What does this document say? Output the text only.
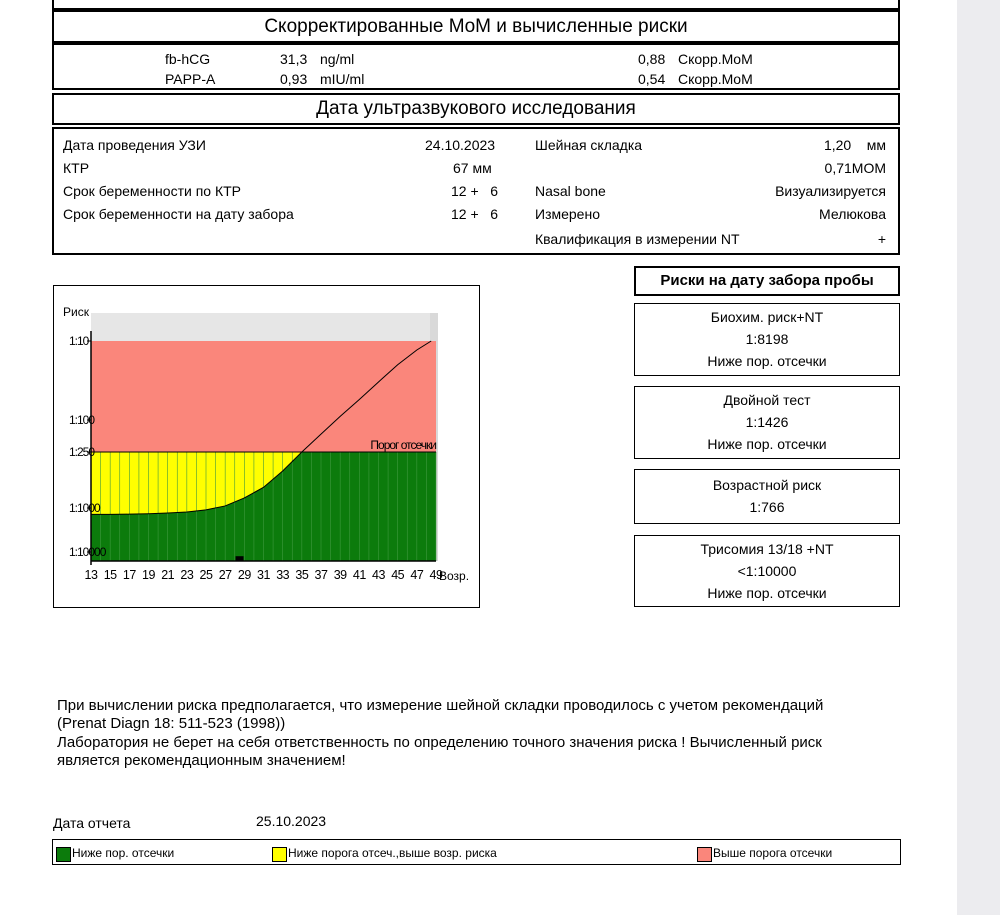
Скорректированные MoM и вычисленные риски
fb-hCG	31,3 ng/ml	0,88 Скорр.MoM
PAPP-A	0,93 mIU/ml	0,54 Скорр.MoM
Дата ультразвукового исследования
Дата проведения УЗИ	24.10.2023
КТР	67 мм
Срок беременности по КТР	12 +   6
Срок беременности на дату забора	12 +   6
Шейная складка	1,20    мм
0,71МОМ
Nasal bone	Визуализируется
Измерено	Мелюкова
Квалификация в измерении NT	+
Порог отсечки
Риск
1:10
1:100
1:250
1:1000
1:10000
13 15 17 19 21 23 25 27 29 31 33 35 37 39 41 43 45 47 49
Возр.
Риски на дату забора пробы
Биохим. риск+NT
1:8198
Ниже пор. отсечки
Двойной тест
1:1426
Ниже пор. отсечки
Возрастной риск
1:766
Трисомия 13/18 +NT
<1:10000
Ниже пор. отсечки
При вычислении риска предполагается, что измерение шейной складки проводилось с учетом рекомендаций
(Prenat Diagn 18: 511-523 (1998))
Лаборатория не берет на себя ответственность по определению точного значения риска ! Вычисленный риск
является рекомендационным значением!
Дата отчета	25.10.2023
Ниже пор. отсечки	Ниже порога отсеч.,выше возр. риска	Выше порога отсечки
